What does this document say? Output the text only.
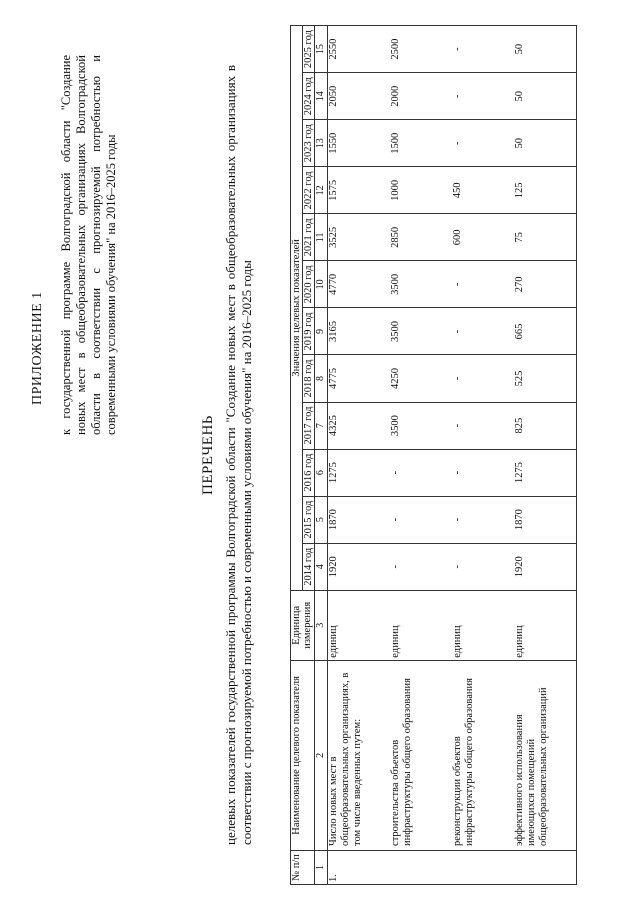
ПРИЛОЖЕНИЕ 1 к государственной программе Волгоградской области "Создание новых мест в общеобразовательных организациях Волгоградской области в соответствии с прогнозируемой потребностью и современными условиями обучения" на 2016–2025 годы
ПЕРЕЧЕНЬ целевых показателей государственной программы Волгоградской области "Создание новых мест в общеобразовательных организациях в соответствии с прогнозируемой потребностью и современными условиями обучения" на 2016–2025 годы
№ п/п	Наименование целевого показателя	Единица измерения	Значения целевых показателей											
			2014 год	2015 год	2016 год	2017 год	2018 год	2019 год	2020 год	2021 год	2022 год	2023 год	2024 год	2025 год
1	2	3	4	5	6	7	8	9	10	11	12	13	14	15
1.	Число новых мест в общеобразовательных организациях, в том числе введенных путем:	единиц	1920	1870	1275	4325	4775	3165	4770	3525	1575	1550	2050	2550
	строительства объектов инфраструктуры общего образования	единиц	-	-	-	3500	4250	3500	3500	2850	1000	1500	2000	2500
	реконструкции объектов инфраструктуры общего образования	единиц	-	-	-	-	-	-	-	600	450	-	-	-
	эффективного использования имеющихся помещений общеобразовательных организаций	единиц	1920	1870	1275	825	525	665	270	75	125	50	50	50
